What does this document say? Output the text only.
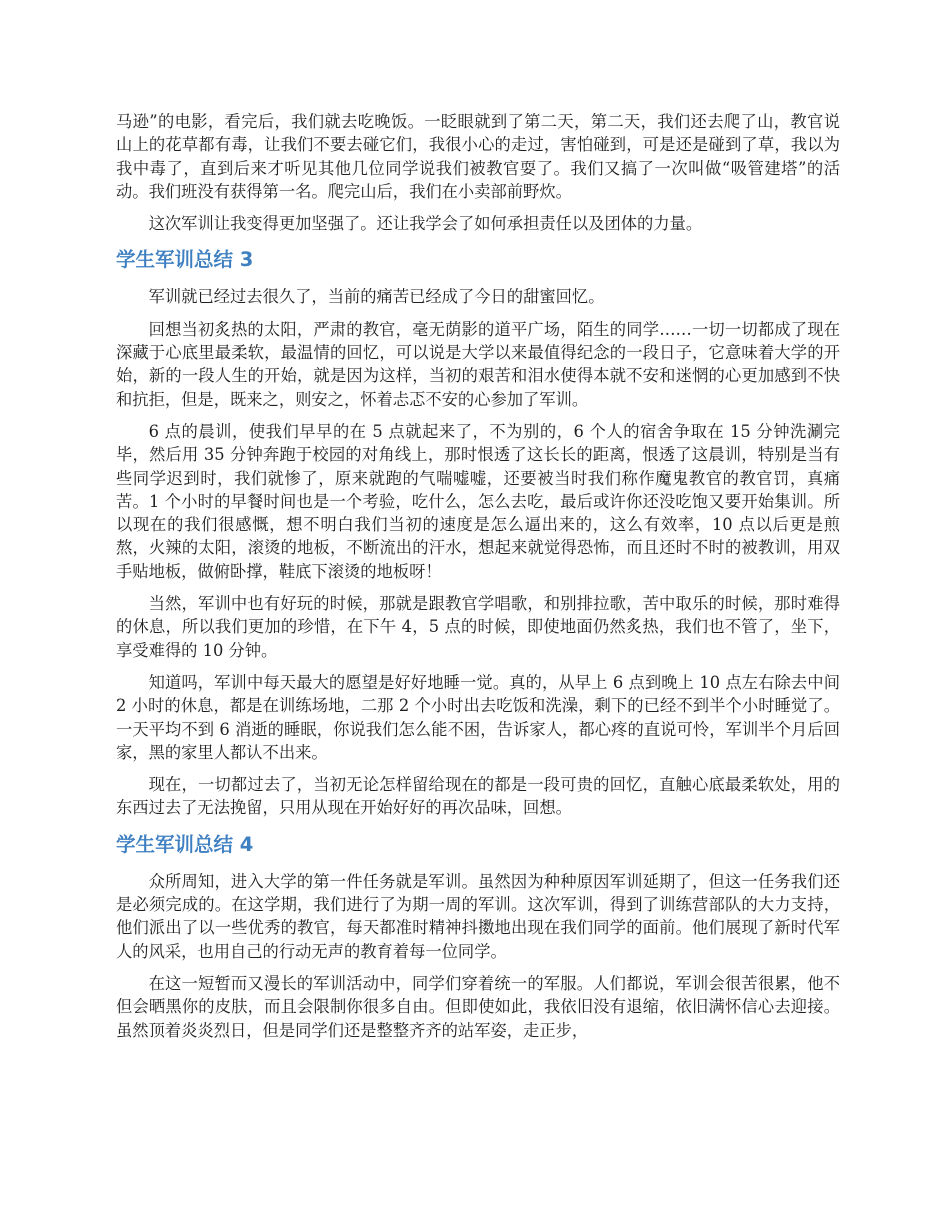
马逊”的电影，看完后，我们就去吃晚饭。一眨眼就到了第二天，第二天，我们还去爬了山，教官说山上的花草都有毒，让我们不要去碰它们，我很小心的走过，害怕碰到，可是还是碰到了草，我以为我中毒了，直到后来才听见其他几位同学说我们被教官耍了。我们又搞了一次叫做“吸管建塔”的活动。我们班没有获得第一名。爬完山后，我们在小卖部前野炊。

这次军训让我变得更加坚强了。还让我学会了如何承担责任以及团体的力量。

学生军训总结 3

军训就已经过去很久了，当前的痛苦已经成了今日的甜蜜回忆。

回想当初炙热的太阳，严肃的教官，毫无荫影的道平广场，陌生的同学……一切一切都成了现在深藏于心底里最柔软，最温情的回忆，可以说是大学以来最值得纪念的一段日子，它意味着大学的开始，新的一段人生的开始，就是因为这样，当初的艰苦和泪水使得本就不安和迷惘的心更加感到不快和抗拒，但是，既来之，则安之，怀着忐忑不安的心参加了军训。

6 点的晨训，使我们早早的在 5 点就起来了，不为别的，6 个人的宿舍争取在 15 分钟洗涮完毕，然后用 35 分钟奔跑于校园的对角线上，那时恨透了这长长的距离，恨透了这晨训，特别是当有些同学迟到时，我们就惨了，原来就跑的气喘嘘嘘，还要被当时我们称作魔鬼教官的教官罚，真痛苦。1 个小时的早餐时间也是一个考验，吃什么，怎么去吃，最后或许你还没吃饱又要开始集训。所以现在的我们很感慨，想不明白我们当初的速度是怎么逼出来的，这么有效率，10 点以后更是煎熬，火辣的太阳，滚烫的地板，不断流出的汗水，想起来就觉得恐怖，而且还时不时的被教训，用双手贴地板，做俯卧撑，鞋底下滚烫的地板呀！

当然，军训中也有好玩的时候，那就是跟教官学唱歌，和别排拉歌，苦中取乐的时候，那时难得的休息，所以我们更加的珍惜，在下午 4，5 点的时候，即使地面仍然炙热，我们也不管了，坐下，享受难得的 10 分钟。

知道吗，军训中每天最大的愿望是好好地睡一觉。真的，从早上 6 点到晚上 10 点左右除去中间 2 小时的休息，都是在训练场地，二那 2 个小时出去吃饭和洗澡，剩下的已经不到半个小时睡觉了。一天平均不到 6 消逝的睡眠，你说我们怎么能不困，告诉家人，都心疼的直说可怜，军训半个月后回家，黑的家里人都认不出来。

现在，一切都过去了，当初无论怎样留给现在的都是一段可贵的回忆，直触心底最柔软处，用的东西过去了无法挽留，只用从现在开始好好的再次品味，回想。

学生军训总结 4

众所周知，进入大学的第一件任务就是军训。虽然因为种种原因军训延期了，但这一任务我们还是必须完成的。在这学期，我们进行了为期一周的军训。这次军训，得到了训练营部队的大力支持，他们派出了以一些优秀的教官，每天都准时精神抖擞地出现在我们同学的面前。他们展现了新时代军人的风采，也用自己的行动无声的教育着每一位同学。

在这一短暂而又漫长的军训活动中，同学们穿着统一的军服。人们都说，军训会很苦很累，他不但会晒黑你的皮肤，而且会限制你很多自由。但即使如此，我依旧没有退缩，依旧满怀信心去迎接。虽然顶着炎炎烈日，但是同学们还是整整齐齐的站军姿，走正步，
